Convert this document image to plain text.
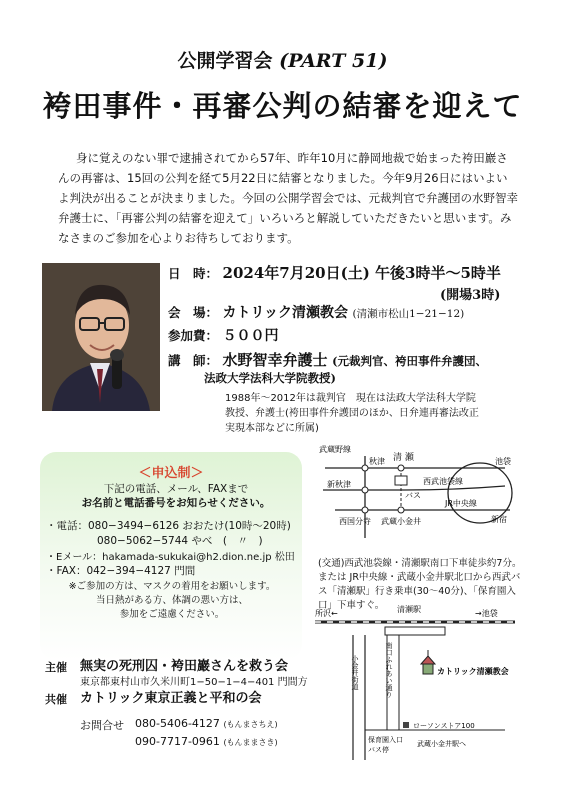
公開学習会 (PART 51)
袴田事件・再審公判の結審を迎えて
身に覚えのない罪で逮捕されてから57年、昨年10月に静岡地裁で始まった袴田巖さんの再審は、15回の公判を経て5月22日に結審となりました。今年9月26日にはいよいよ判決が出ることが決まりました。今回の公開学習会では、元裁判官で弁護団の水野智幸弁護士に、「再審公判の結審を迎えて」いろいろと解説していただきたいと思います。みなさまのご参加を心よりお待ちしております。
日　時： 2024年7月20日(土) 午後3時半〜5時半
(開場3時)
会　場： カトリック清瀬教会 (清瀬市松山1−21−12)
参加費： ５００円
講　師： 水野智幸弁護士 (元裁判官、袴田事件弁護団、
法政大学法科大学院教授)
1988年〜2012年は裁判官　現在は法政大学法科大学院
教授、弁護士(袴田事件弁護団のほか、日弁連再審法改正
実現本部などに所属)
＜申込制＞
下記の電話、メール、FAXまで
お名前と電話番号をお知らせください。
・電話：080−3494−6126 おおたけ(10時〜20時)
080−5062−5744 やべ　(　〃　)
・Eメール：hakamada-sukukai@h2.dion.ne.jp 松田
・FAX：042−394−4127 門間
※ご参加の方は、マスクの着用をお願いします。
当日熱がある方、体調の悪い方は、
参加をご遠慮ください。
武蔵野線
清 瀬
秋津
新秋津
池袋
西武池袋線
バス
JR中央線
新宿
西国分寺 武蔵小金井
(交通)西武池袋線・清瀬駅南口下車徒歩約7分。または JR中央線・武蔵小金井駅北口から西武バス「清瀬駅」行き乗車(30〜40分)、「保育園入口」下車すぐ。
所沢←	清瀬駅	→池袋
小金井街道	南口ふれあい通り	カトリック清瀬教会
ローソンストア100
保育園入口
バス停
武蔵小金井駅へ
主催 無実の死刑囚・袴田巖さんを救う会
東京都東村山市久米川町1−50−1−4−401 門間方
共催 カトリック東京正義と平和の会
お問合せ 080-5406-4127 (もんまさちえ)
090-7717-0961 (もんままさき)
